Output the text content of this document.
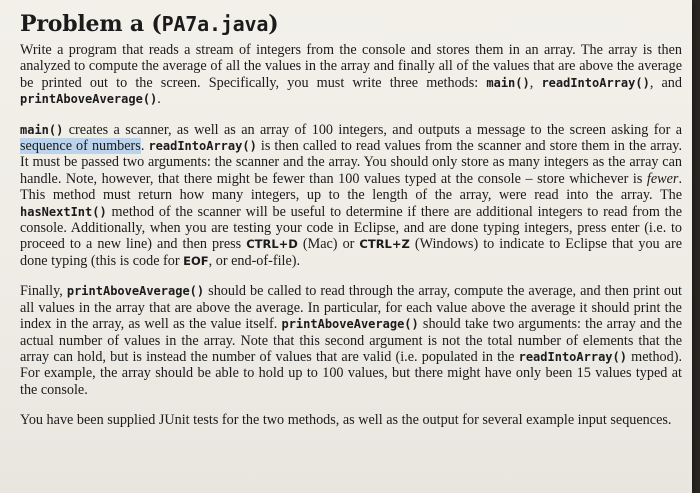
Problem a (PA7a.java)

Write a program that reads a stream of integers from the console and stores them in an array. The array is then analyzed to compute the average of all the values in the array and finally all of the values that are above the average be printed out to the screen. Specifically, you must write three methods: main(), readIntoArray(), and printAboveAverage().

main() creates a scanner, as well as an array of 100 integers, and outputs a message to the screen asking for a sequence of numbers. readIntoArray() is then called to read values from the scanner and store them in the array. It must be passed two arguments: the scanner and the array. You should only store as many integers as the array can handle. Note, however, that there might be fewer than 100 values typed at the console – store whichever is fewer. This method must return how many integers, up to the length of the array, were read into the array. The hasNextInt() method of the scanner will be useful to determine if there are additional integers to read from the console. Additionally, when you are testing your code in Eclipse, and are done typing integers, press enter (i.e. to proceed to a new line) and then press CTRL+D (Mac) or CTRL+Z (Windows) to indicate to Eclipse that you are done typing (this is code for EOF, or end-of-file).

Finally, printAboveAverage() should be called to read through the array, compute the average, and then print out all values in the array that are above the average. In particular, for each value above the average it should print the index in the array, as well as the value itself. printAboveAverage() should take two arguments: the array and the actual number of values in the array. Note that this second argument is not the total number of elements that the array can hold, but is instead the number of values that are valid (i.e. populated in the readIntoArray() method). For example, the array should be able to hold up to 100 values, but there might have only been 15 values typed at the console.

You have been supplied JUnit tests for the two methods, as well as the output for several example input sequences.
